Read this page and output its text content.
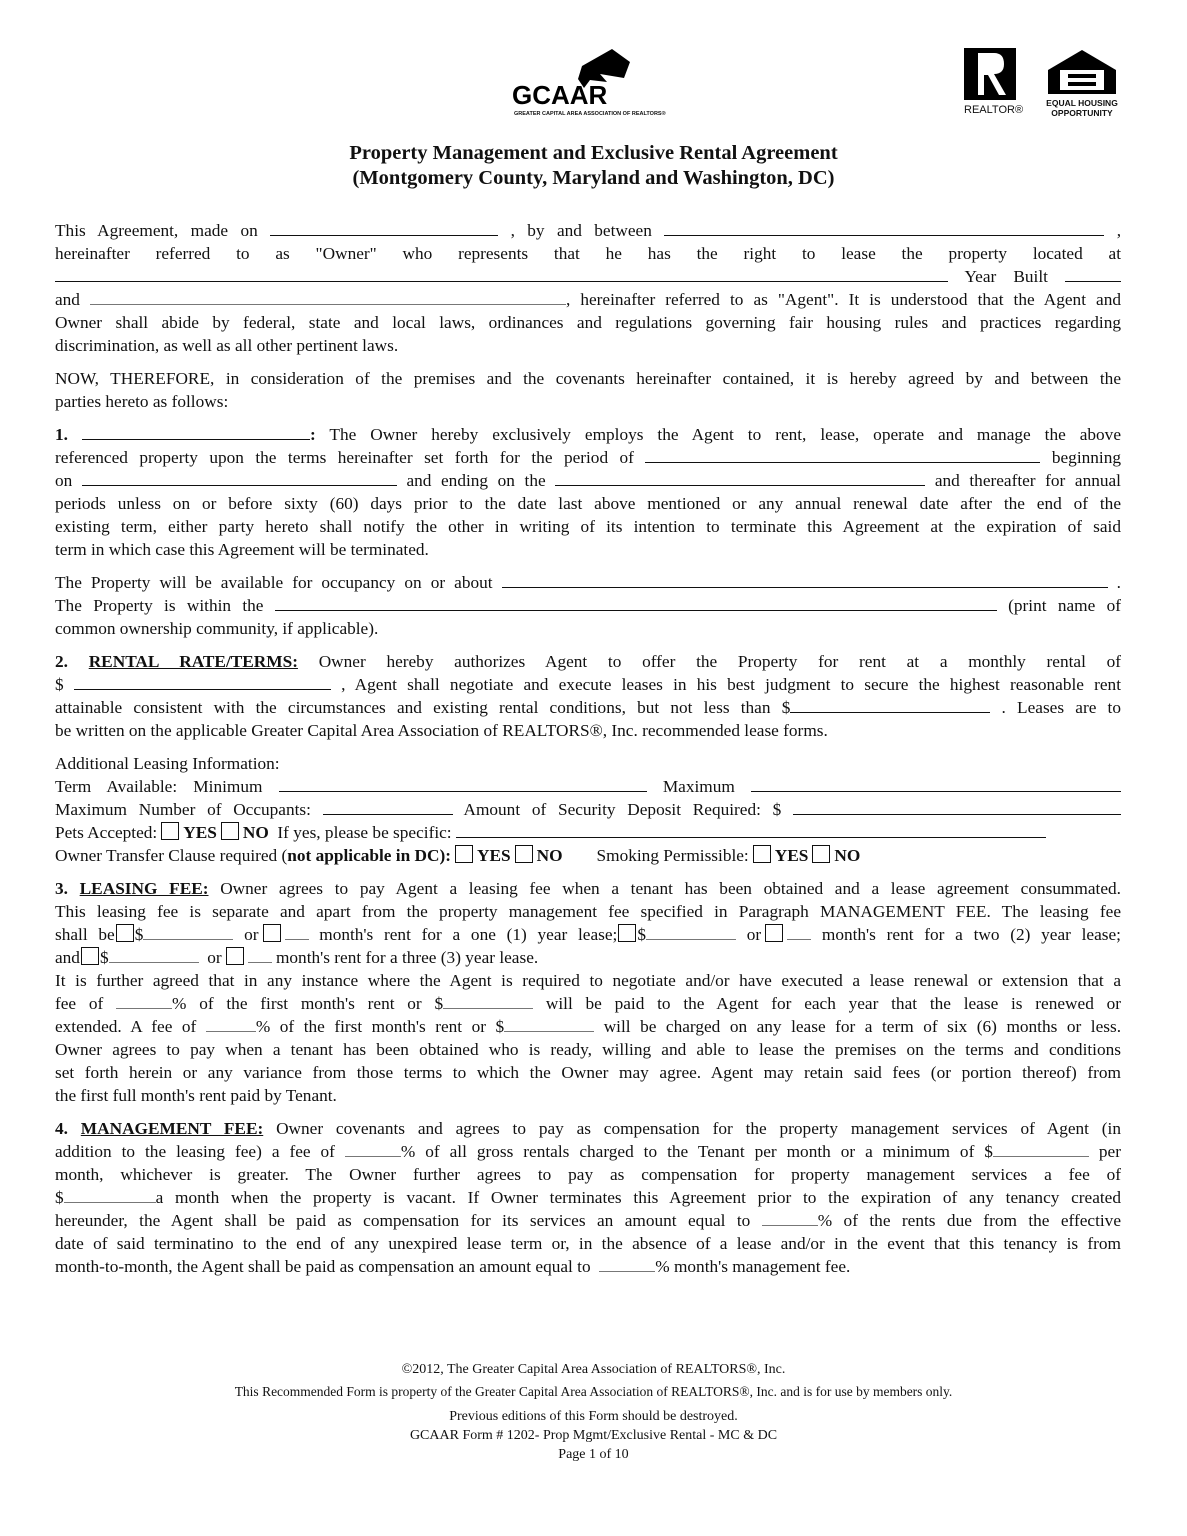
GCAAR
GREATER CAPITAL AREA ASSOCIATION OF REALTORS®	REALTOR®
EQUAL HOUSING
OPPORTUNITY
Property Management and Exclusive Rental Agreement
(Montgomery County, Maryland and Washington, DC)
This Agreement, made on	, by and between	,
hereinafter referred to as "Owner" who represents that he has the right to lease the property located at
Year Built
and	, hereinafter referred to as "Agent". It is understood that the Agent and
Owner shall abide by federal, state and local laws, ordinances and regulations governing fair housing rules and practices regarding
discrimination, as well as all other pertinent laws.
NOW, THEREFORE, in consideration of the premises and the covenants hereinafter contained, it is hereby agreed by and between the
parties hereto as follows:
1.	: The Owner hereby exclusively employs the Agent to rent, lease, operate and manage the above
referenced property upon the terms hereinafter set forth for the period of	beginning
on	and ending on the	and thereafter for annual
periods unless on or before sixty (60) days prior to the date last above mentioned or any annual renewal date after the end of the
existing term, either party hereto shall notify the other in writing of its intention to terminate this Agreement at the expiration of said
term in which case this Agreement will be terminated.
The Property will be available for occupancy on or about	.
The Property is within the	(print name of
common ownership community, if applicable).
2. RENTAL RATE/TERMS: Owner hereby authorizes Agent to offer the Property for rent at a monthly rental of
$	, Agent shall negotiate and execute leases in his best judgment to secure the highest reasonable rent
attainable consistent with the circumstances and existing rental conditions, but not less than $	. Leases are to
be written on the applicable Greater Capital Area Association of REALTORS®, Inc. recommended lease forms.
Additional Leasing Information:
Term Available: Minimum	Maximum
Maximum Number of Occupants:	Amount of Security Deposit Required: $
Pets Accepted: YES NO If yes, please be specific:
Owner Transfer Clause required (not applicable in DC): YES NO Smoking Permissible: YES NO
3. LEASING FEE: Owner agrees to pay Agent a leasing fee when a tenant has been obtained and a lease agreement consummated.
This leasing fee is separate and apart from the property management fee specified in Paragraph MANAGEMENT FEE. The leasing fee
shall be $	or	month's rent for a one (1) year lease; $	or	month's rent for a two (2) year lease;
and $	or	month's rent for a three (3) year lease.
It is further agreed that in any instance where the Agent is required to negotiate and/or have executed a lease renewal or extension that a
fee of	% of the first month's rent or $	will be paid to the Agent for each year that the lease is renewed or
extended. A fee of	% of the first month's rent or $	will be charged on any lease for a term of six (6) months or less.
Owner agrees to pay when a tenant has been obtained who is ready, willing and able to lease the premises on the terms and conditions
set forth herein or any variance from those terms to which the Owner may agree. Agent may retain said fees (or portion thereof) from
the first full month's rent paid by Tenant.
4. MANAGEMENT FEE: Owner covenants and agrees to pay as compensation for the property management services of Agent (in
addition to the leasing fee) a fee of	% of all gross rentals charged to the Tenant per month or a minimum of $	per
month, whichever is greater. The Owner further agrees to pay as compensation for property management services a fee of
$	a month when the property is vacant. If Owner terminates this Agreement prior to the expiration of any tenancy created
hereunder, the Agent shall be paid as compensation for its services an amount equal to	% of the rents due from the effective
date of said terminatino to the end of any unexpired lease term or, in the absence of a lease and/or in the event that this tenancy is from
month-to-month, the Agent shall be paid as compensation an amount equal to	% month's management fee.
©2012, The Greater Capital Area Association of REALTORS®, Inc.
This Recommended Form is property of the Greater Capital Area Association of REALTORS®, Inc. and is for use by members only.
Previous editions of this Form should be destroyed.
GCAAR Form # 1202- Prop Mgmt/Exclusive Rental - MC & DC
Page 1 of 10
